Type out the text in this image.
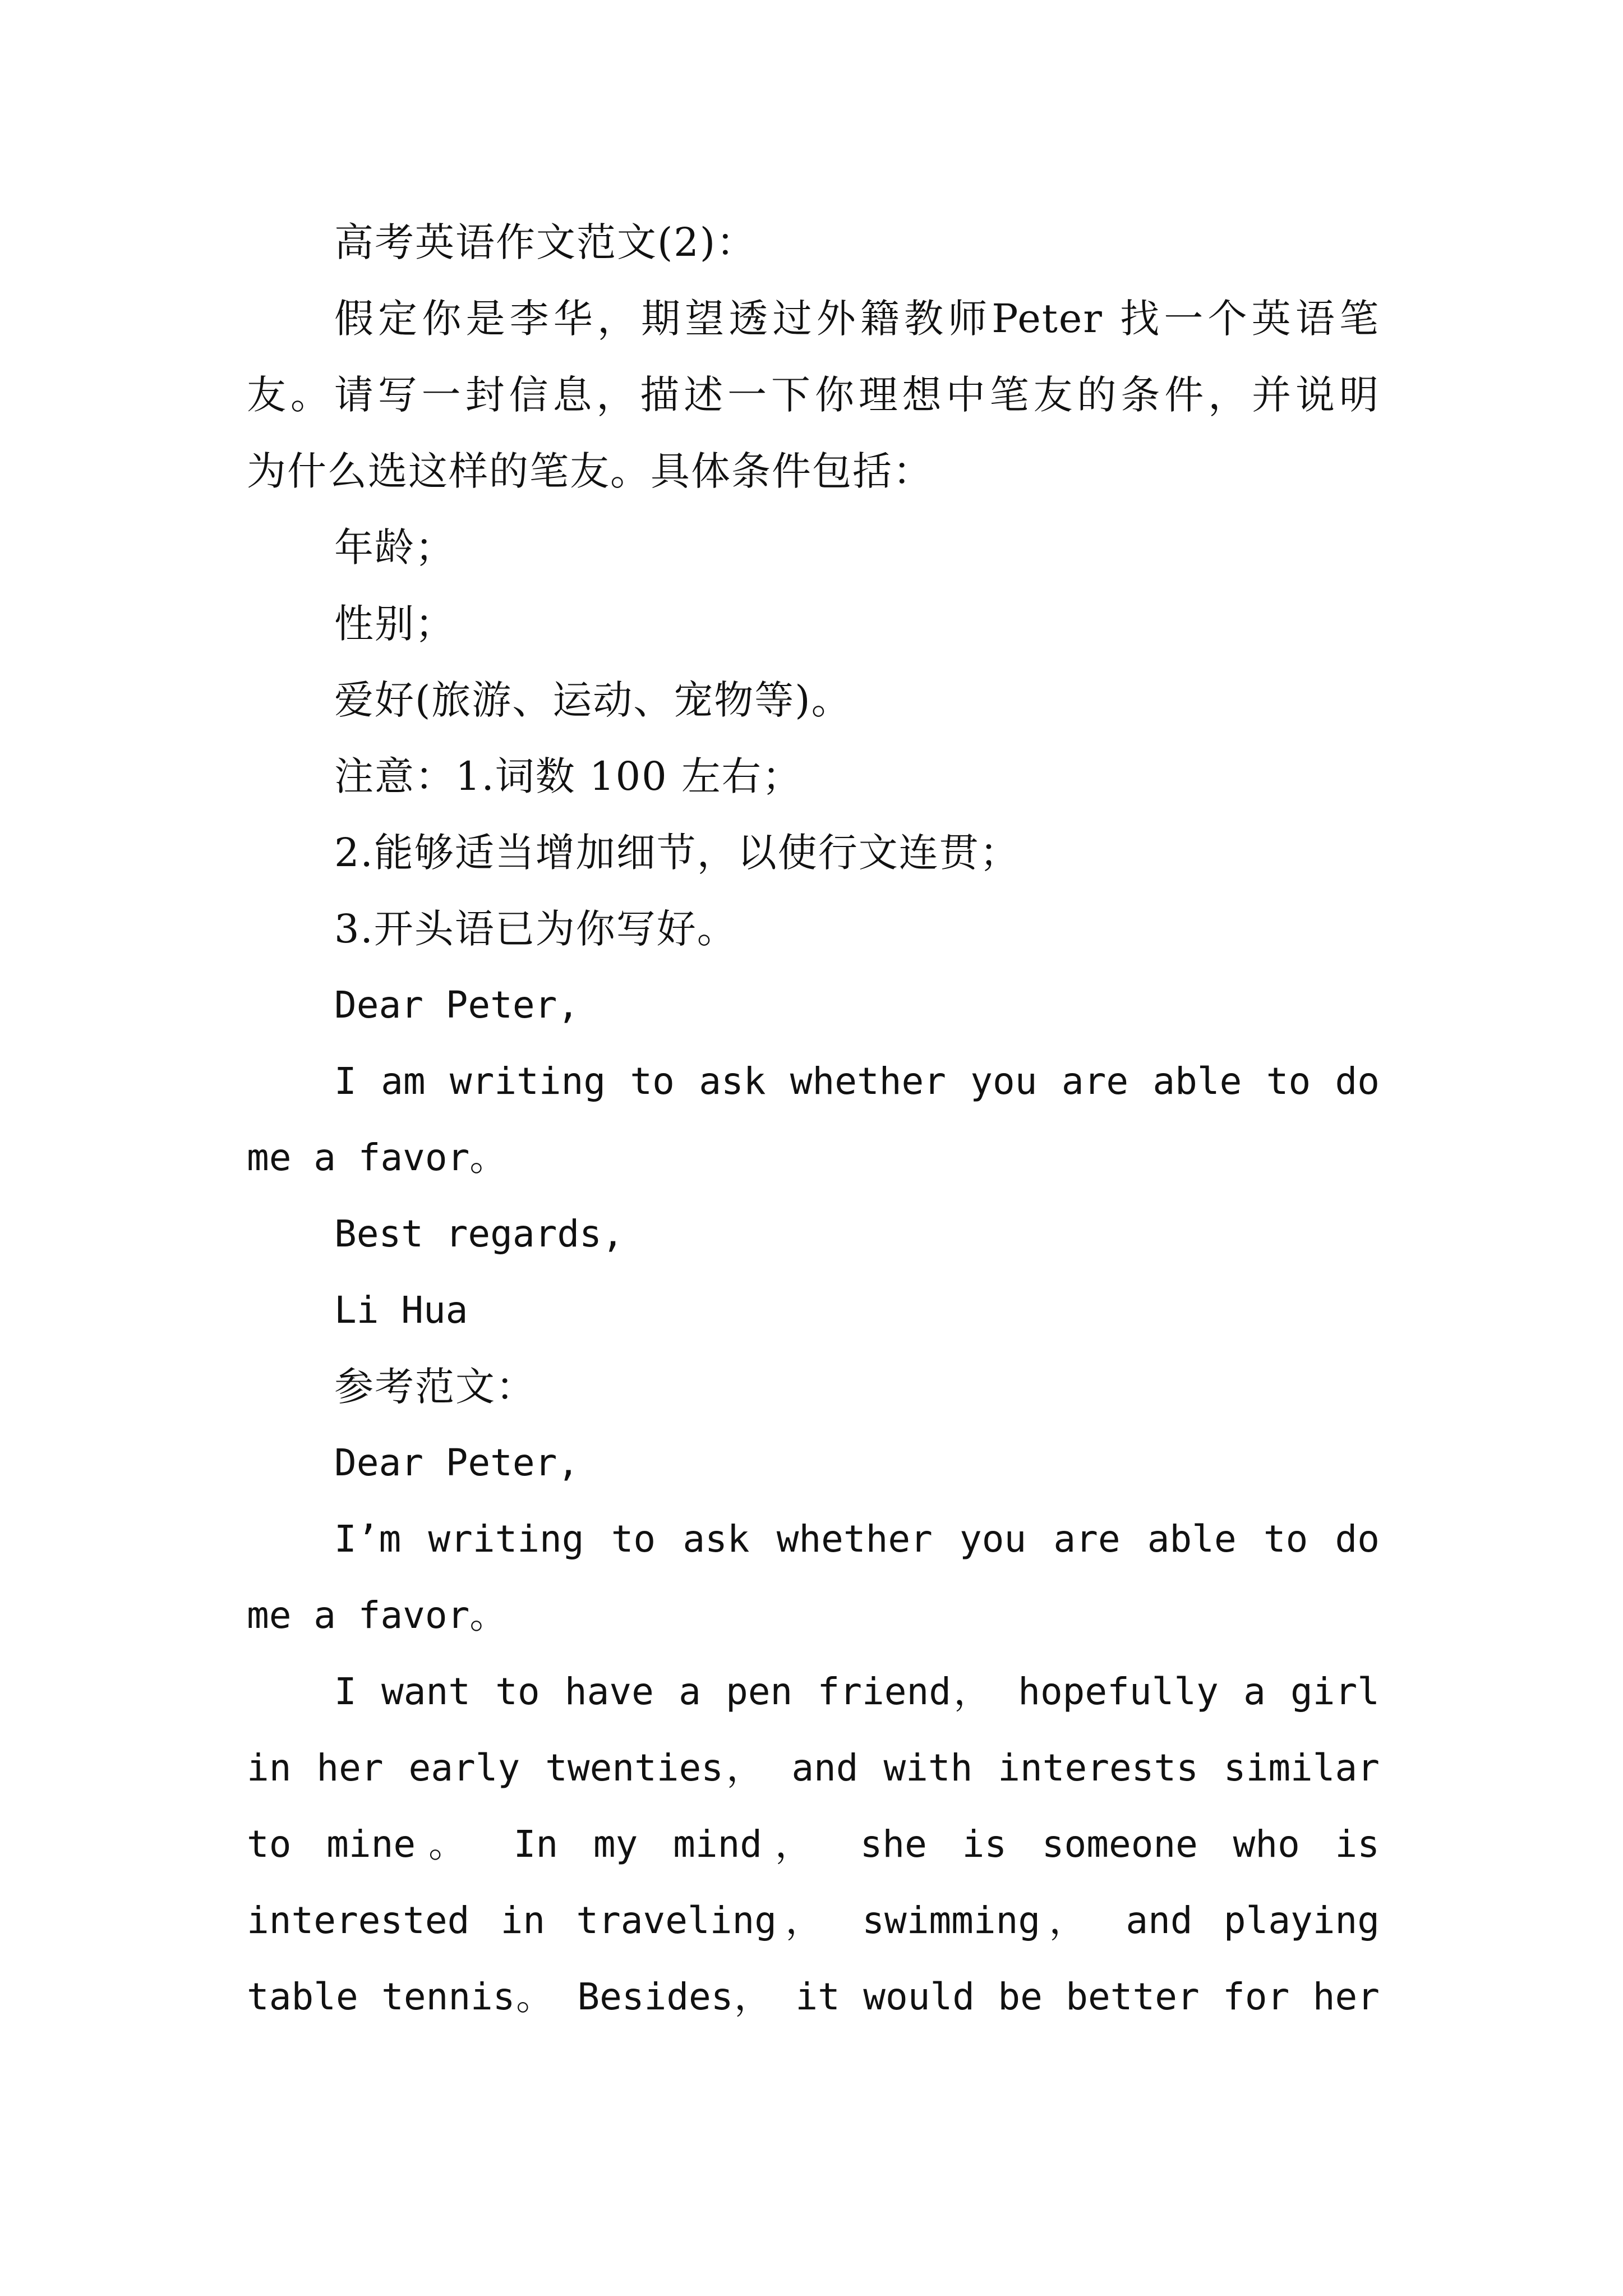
高考英语作文范文(2)：
假定你是李华，期望透过外籍教师Peter 找一个英语笔
友。请写一封信息，描述一下你理想中笔友的条件，并说明
为什么选这样的笔友。具体条件包括：
年龄；
性别；
爱好(旅游、运动、宠物等)。
注意：1.词数 100 左右；
2.能够适当增加细节，以使行文连贯；
3.开头语已为你写好。
Dear Peter,
I am writing to ask whether you are able to do
me a favor。
Best regards,
Li Hua
参考范文：
Dear Peter,
I’m writing to ask whether you are able to do
me a favor。
I want to have a pen friend， hopefully a girl
in her early twenties， and with interests similar
to mine。 In my mind， she is someone who is
interested in traveling， swimming， and playing
table tennis。 Besides， it would be better for her
